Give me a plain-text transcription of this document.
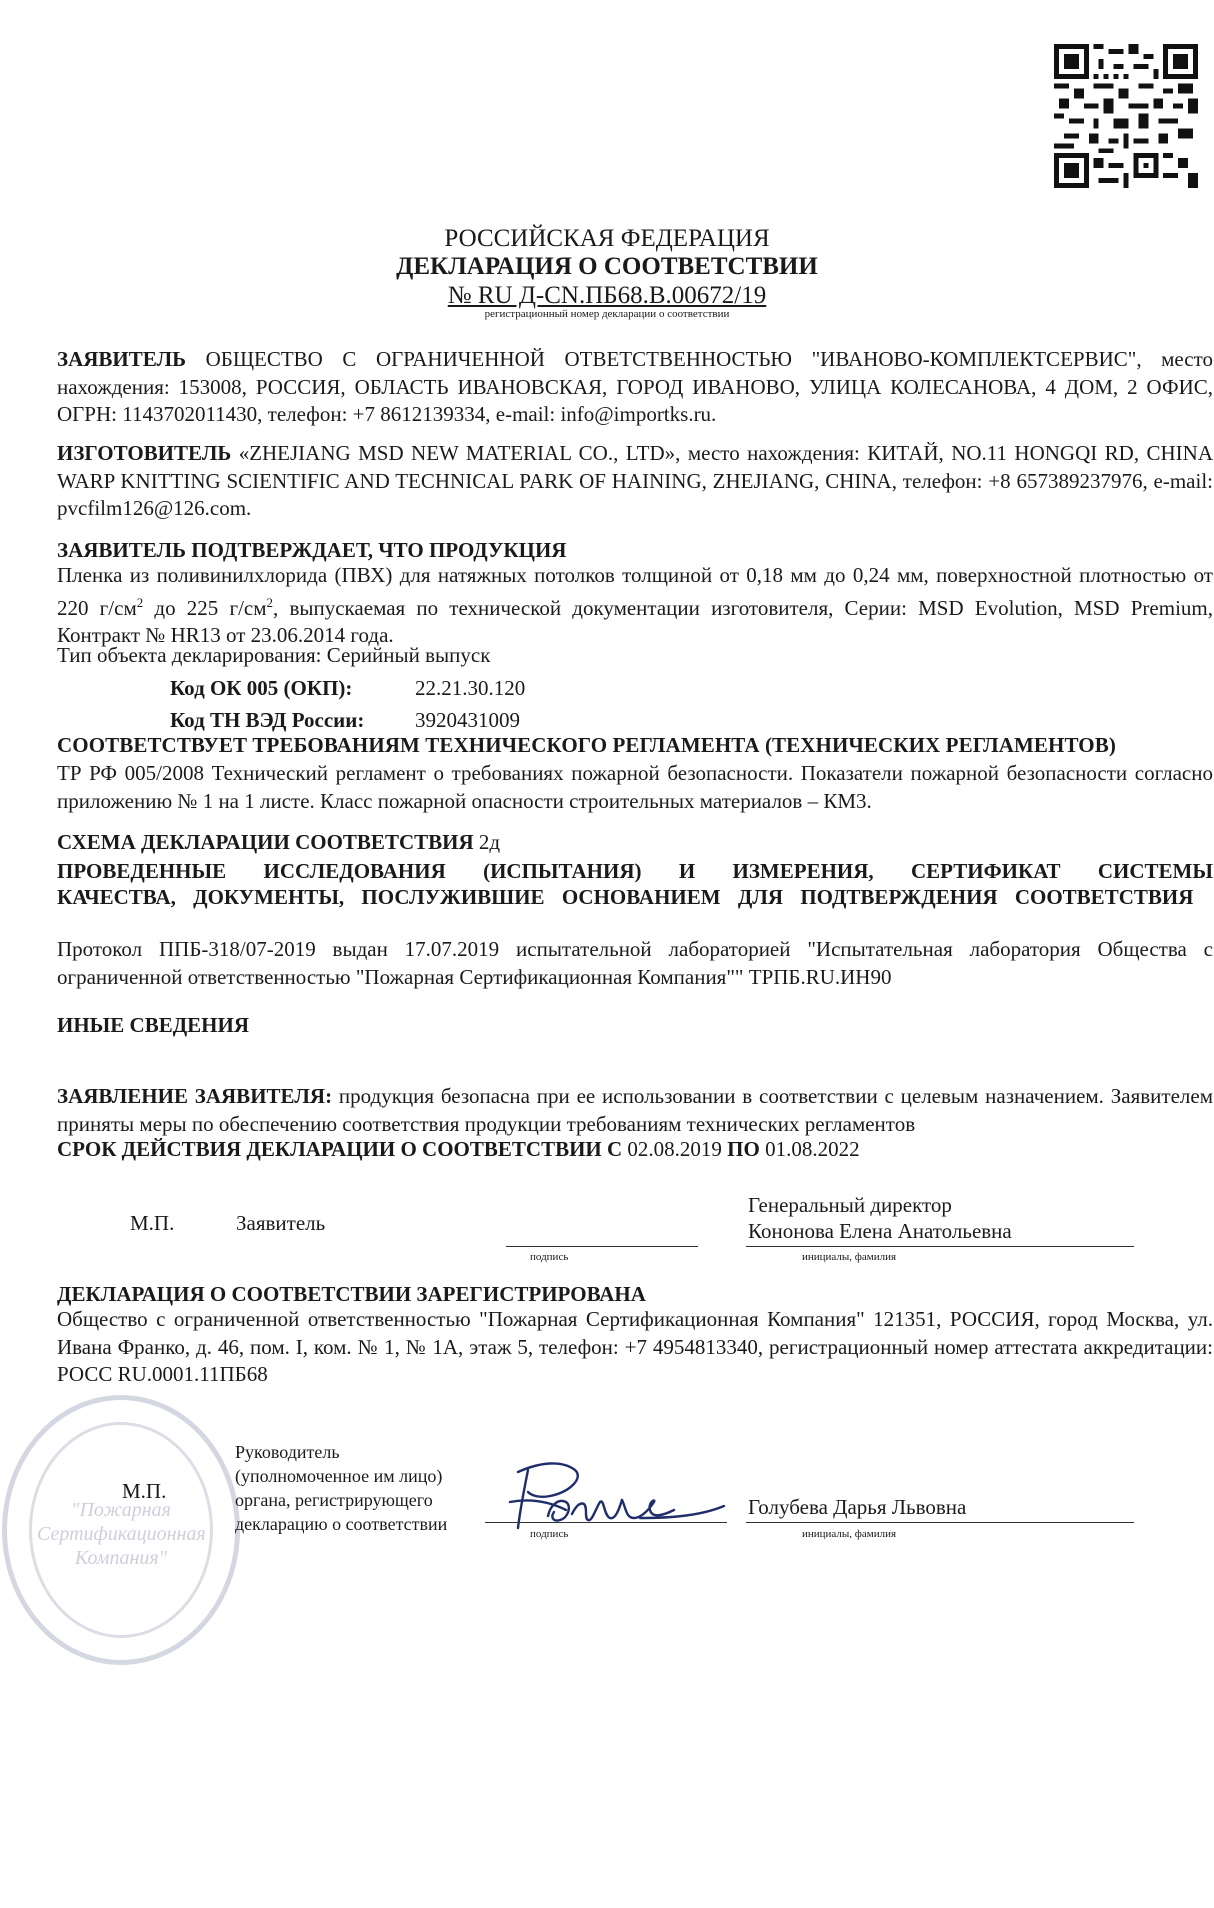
РОССИЙСКАЯ ФЕДЕРАЦИЯ
ДЕКЛАРАЦИЯ О СООТВЕТСТВИИ
№ RU Д-CN.ПБ68.В.00672/19
регистрационный номер декларации о соответствии
ЗАЯВИТЕЛЬ ОБЩЕСТВО С ОГРАНИЧЕННОЙ ОТВЕТСТВЕННОСТЬЮ "ИВАНОВО-КОМПЛЕКТСЕРВИС", место нахождения: 153008, РОССИЯ, ОБЛАСТЬ ИВАНОВСКАЯ, ГОРОД ИВАНОВО, УЛИЦА КОЛЕСАНОВА, 4 ДОМ, 2 ОФИС, ОГРН: 1143702011430, телефон: +7 8612139334, e-mail: info@importks.ru.
ИЗГОТОВИТЕЛЬ «ZHEJIANG MSD NEW MATERIAL CO., LTD», место нахождения: КИТАЙ, NO.11 HONGQI RD, CHINA WARP KNITTING SCIENTIFIC AND TECHNICAL PARK OF HAINING, ZHEJIANG, CHINA, телефон: +8 657389237976, e-mail: pvcfilm126@126.com.
ЗАЯВИТЕЛЬ ПОДТВЕРЖДАЕТ, ЧТО ПРОДУКЦИЯ
Пленка из поливинилхлорида (ПВХ) для натяжных потолков толщиной от 0,18 мм до 0,24 мм, поверхностной плотностью от 220 $г/см^2$ до 225 $г/см^2$, выпускаемая по технической документации изготовителя, Серии: MSD Evolution, MSD Premium, Контракт № HR13 от 23.06.2014 года.
Тип объекта декларирования: Серийный выпуск
Код ОК 005 (ОКП):	22.21.30.120
Код ТН ВЭД России: 3920431009
СООТВЕТСТВУЕТ ТРЕБОВАНИЯМ ТЕХНИЧЕСКОГО РЕГЛАМЕНТА (ТЕХНИЧЕСКИХ РЕГЛАМЕНТОВ)
ТР РФ 005/2008 Технический регламент о требованиях пожарной безопасности. Показатели пожарной безопасности согласно приложению № 1 на 1 листе. Класс пожарной опасности строительных материалов – КМ3.
СХЕМА ДЕКЛАРАЦИИ СООТВЕТСТВИЯ 2д
ПРОВЕДЕННЫЕ ИССЛЕДОВАНИЯ (ИСПЫТАНИЯ) И ИЗМЕРЕНИЯ, СЕРТИФИКАТ СИСТЕМЫ КАЧЕСТВА, ДОКУМЕНТЫ, ПОСЛУЖИВШИЕ ОСНОВАНИЕМ ДЛЯ ПОДТВЕРЖДЕНИЯ СООТВЕТСТВИЯ
Протокол ППБ-318/07-2019 выдан 17.07.2019 испытательной лабораторией "Испытательная лаборатория Общества с ограниченной ответственностью "Пожарная Сертификационная Компания"" ТРПБ.RU.ИН90
ИНЫЕ СВЕДЕНИЯ
ЗАЯВЛЕНИЕ ЗАЯВИТЕЛЯ: продукция безопасна при ее использовании в соответствии с целевым назначением. Заявителем приняты меры по обеспечению соответствия продукции требованиям технических регламентов
СРОК ДЕЙСТВИЯ ДЕКЛАРАЦИИ О СООТВЕТСТВИИ С 02.08.2019 ПО 01.08.2022
М.П.	Заявитель
подпись
Генеральный директор
Кононова Елена Анатольевна
инициалы, фамилия
ДЕКЛАРАЦИЯ О СООТВЕТСТВИИ ЗАРЕГИСТРИРОВАНА
Общество с ограниченной ответственностью "Пожарная Сертификационная Компания" 121351, РОССИЯ, город Москва, ул. Ивана Франко, д. 46, пом. I, ком. № 1, № 1А, этаж 5, телефон: +7 4954813340, регистрационный номер аттестата аккредитации: РОСС RU.0001.11ПБ68
"Пожарная Сертификационная Компания"
М.П.
Руководитель
(уполномоченное им лицо)
органа, регистрирующего
декларацию о соответствии	подпись
Голубева Дарья Львовна
инициалы, фамилия
